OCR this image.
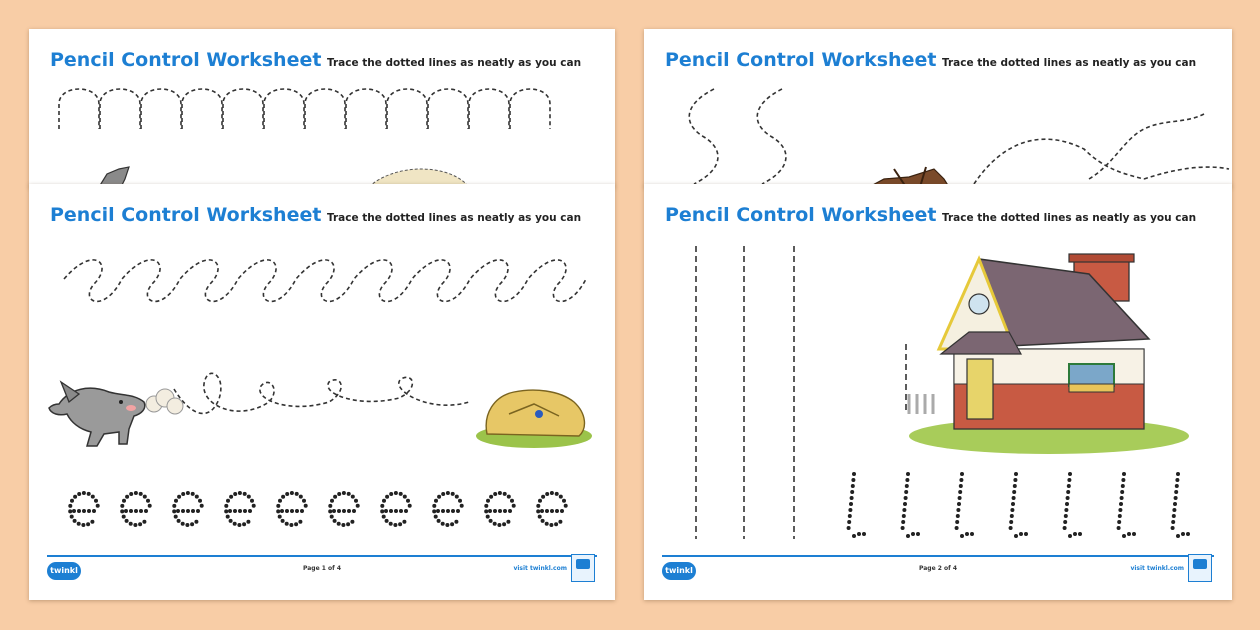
Pencil Control Worksheet Trace the dotted lines as neatly as you can	Pencil Control Worksheet Trace the dotted lines as neatly as you can
Pencil Control Worksheet Trace the dotted lines as neatly as you can
twinkl	Page 1 of 4	visit twinkl.com
Pencil Control Worksheet Trace the dotted lines as neatly as you can
twinkl	Page 2 of 4	visit twinkl.com
